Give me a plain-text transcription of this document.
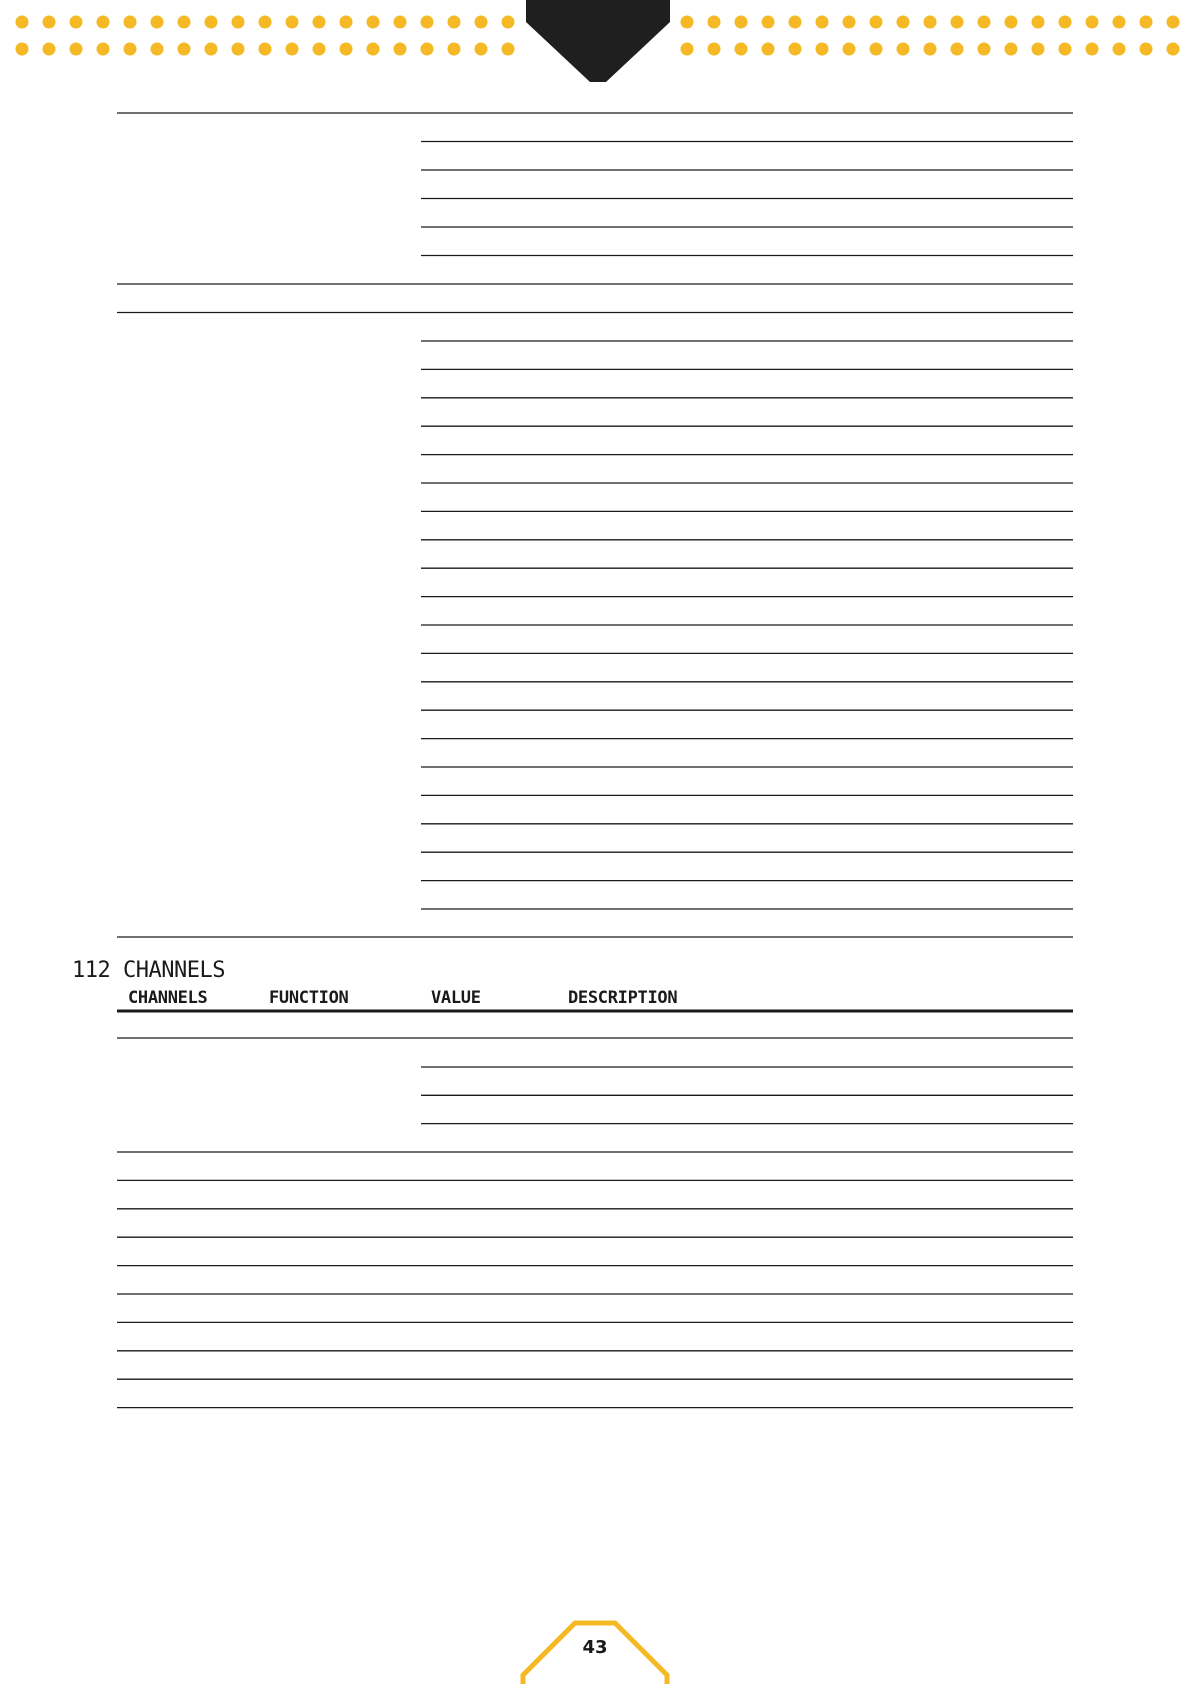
112 CHANNELS
CHANNELS	FUNCTION	VALUE	DESCRIPTION
43
